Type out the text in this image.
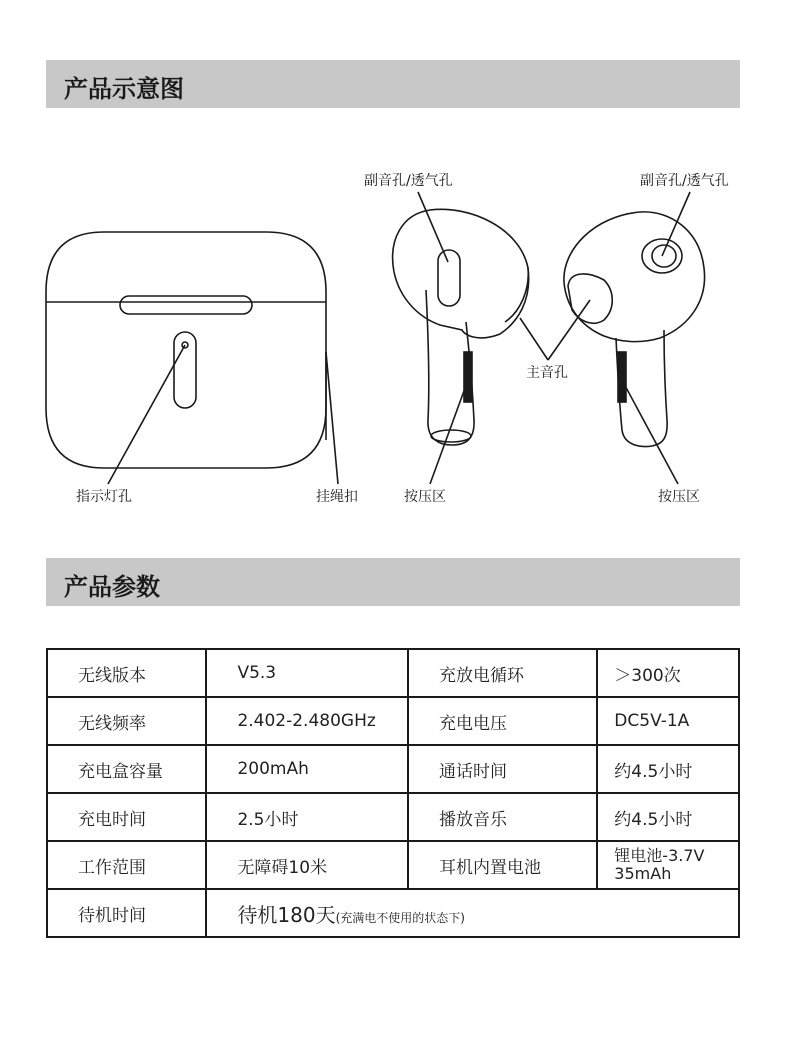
产品示意图
副音孔/透气孔	副音孔/透气孔
主音孔
指示灯孔	挂绳扣	按压区	按压区
产品参数
无线版本	V5.3	充放电循环	＞300次
无线频率	2.402-2.480GHz	充电电压	DC5V-1A
充电盒容量	200mAh	通话时间	约4.5小时
充电时间	2.5小时	播放音乐	约4.5小时
工作范围	无障碍10米	耳机内置电池	锂电池-3.7V
35mAh

待机时间	待机180天(充满电不使用的状态下)		
